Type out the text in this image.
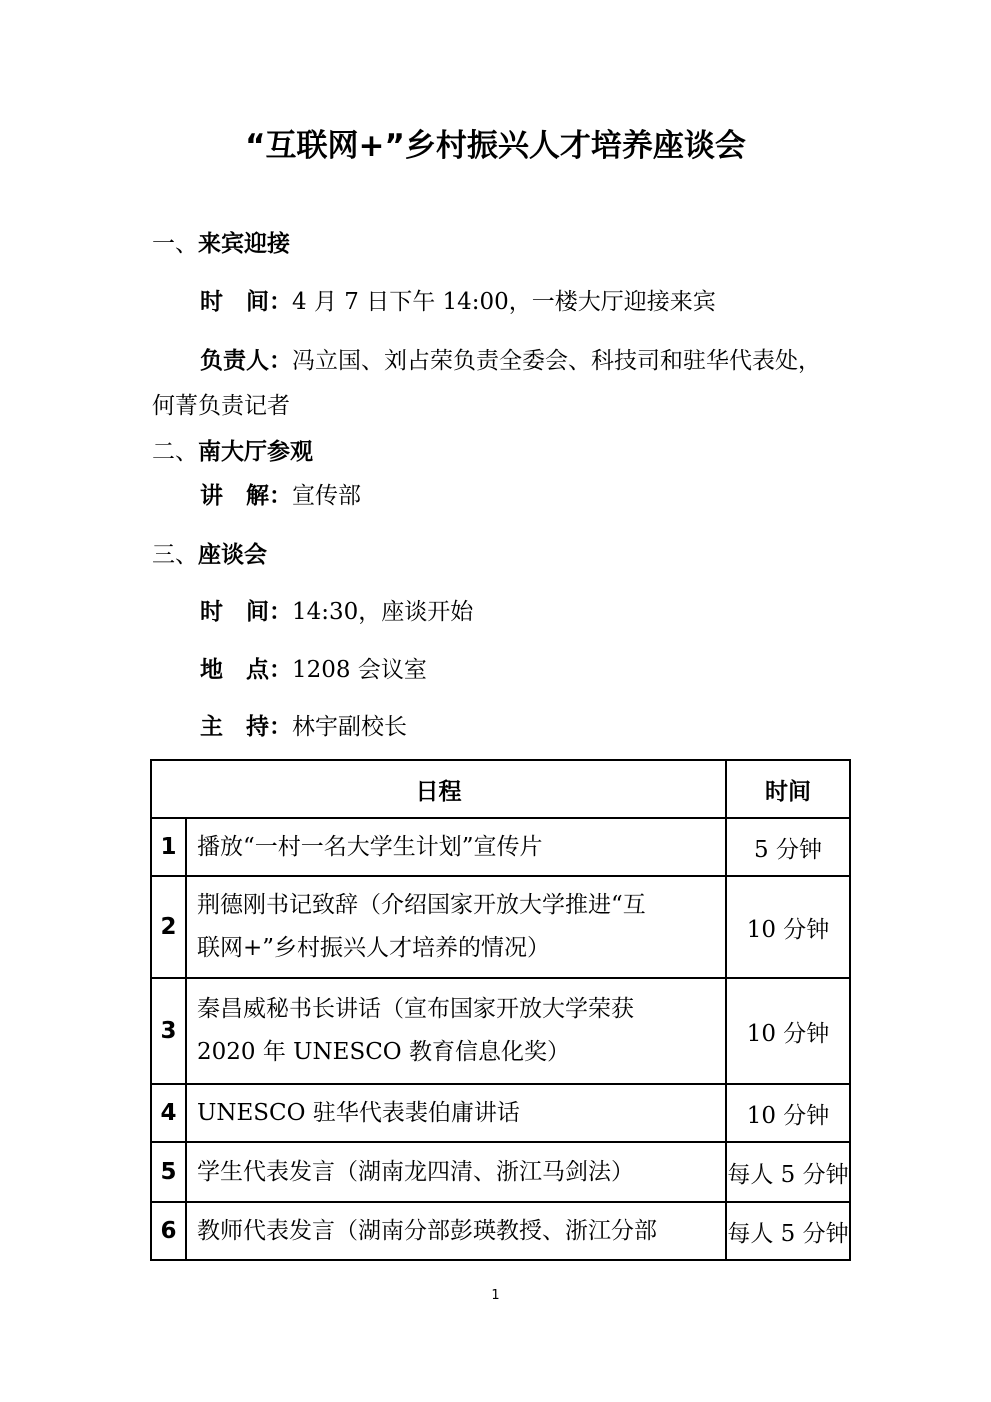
“互联网+”乡村振兴人才培养座谈会
一、来宾迎接
时　间：4 月 7 日下午 14:00，一楼大厅迎接来宾
负责人：冯立国、刘占荣负责全委会、科技司和驻华代表处，
何菁负责记者
二、南大厅参观
讲　解：宣传部
三、座谈会
时　间：14:30，座谈开始
地　点：1208 会议室
主　持：林宇副校长
日程		时间
1	播放“一村一名大学生计划”宣传片	5 分钟
2	荆德刚书记致辞（介绍国家开放大学推进“互
联网+”乡村振兴人才培养的情况）	10 分钟
3	秦昌威秘书长讲话（宣布国家开放大学荣获
2020 年 UNESCO 教育信息化奖）	10 分钟
4	UNESCO 驻华代表裴伯庸讲话	10 分钟
5	学生代表发言（湖南龙四清、浙江马剑法）	每人 5 分钟
6	教师代表发言（湖南分部彭瑛教授、浙江分部	每人 5 分钟
1
